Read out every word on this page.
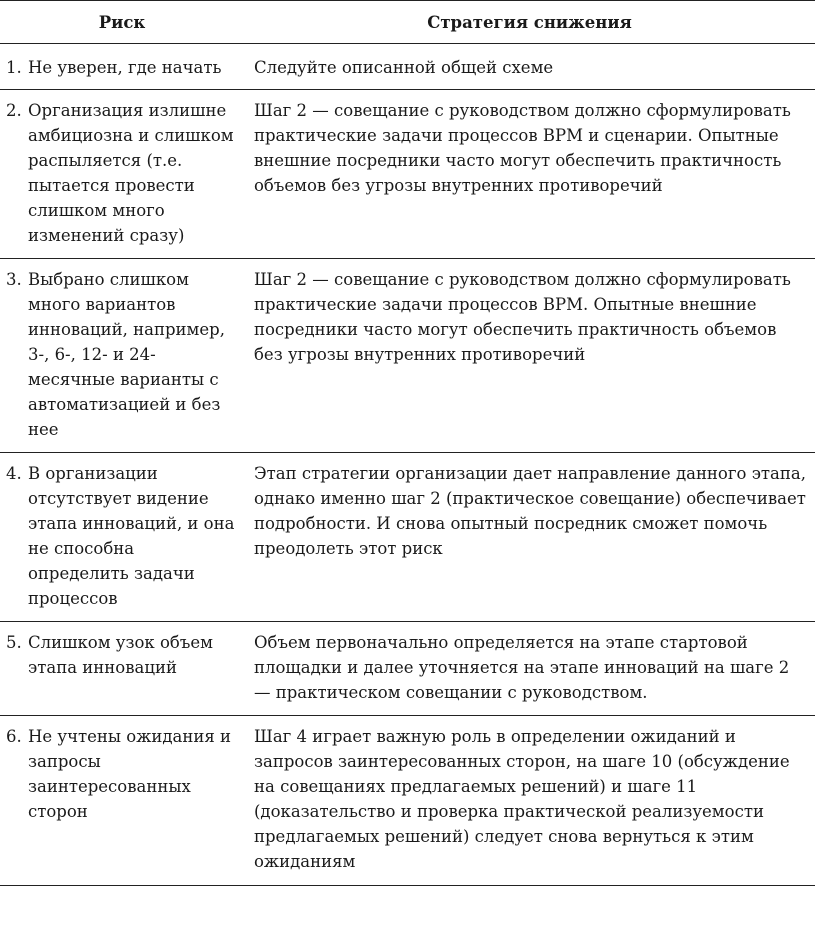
Риск	Стратегия снижения

1. Не уверен, где начать	Следуйте описанной общей схеме

2. Организация излишне амбициозна и слишком распыляется (т.е. пытается провести слишком много изменений сразу)	Шаг 2 — совещание с руководством должно сформулировать практические задачи процессов ВРМ и сценарии. Опытные внешние посредники часто могут обеспечить практичность объемов без угрозы внутренних противоречий

3. Выбрано слишком много вариантов инноваций, например, 3-, 6-, 12- и 24-месячные варианты с автоматизацией и без нее	Шаг 2 — совещание с руководством должно сформулировать практические задачи процессов ВРМ. Опытные внешние посредники часто могут обеспечить практичность объемов без угрозы внутренних противоречий

4. В организации отсутствует видение этапа инноваций, и она не способна определить задачи процессов	Этап стратегии организации дает направление данного этапа, однако именно шаг 2 (практическое совещание) обеспечивает подробности. И снова опытный посредник сможет помочь преодолеть этот риск

5. Слишком узок объем этапа инноваций	Объем первоначально определяется на этапе стартовой площадки и далее уточняется на этапе инноваций на шаге 2 — практическом совещании с руководством.

6. Не учтены ожидания и запросы заинтересованных сторон	Шаг 4 играет важную роль в определении ожиданий и запросов заинтересованных сторон, на шаге 10 (обсуждение на совещаниях предлагаемых решений) и шаге 11 (доказательство и проверка практической реализуемости предлагаемых решений) следует снова вернуться к этим ожиданиям
